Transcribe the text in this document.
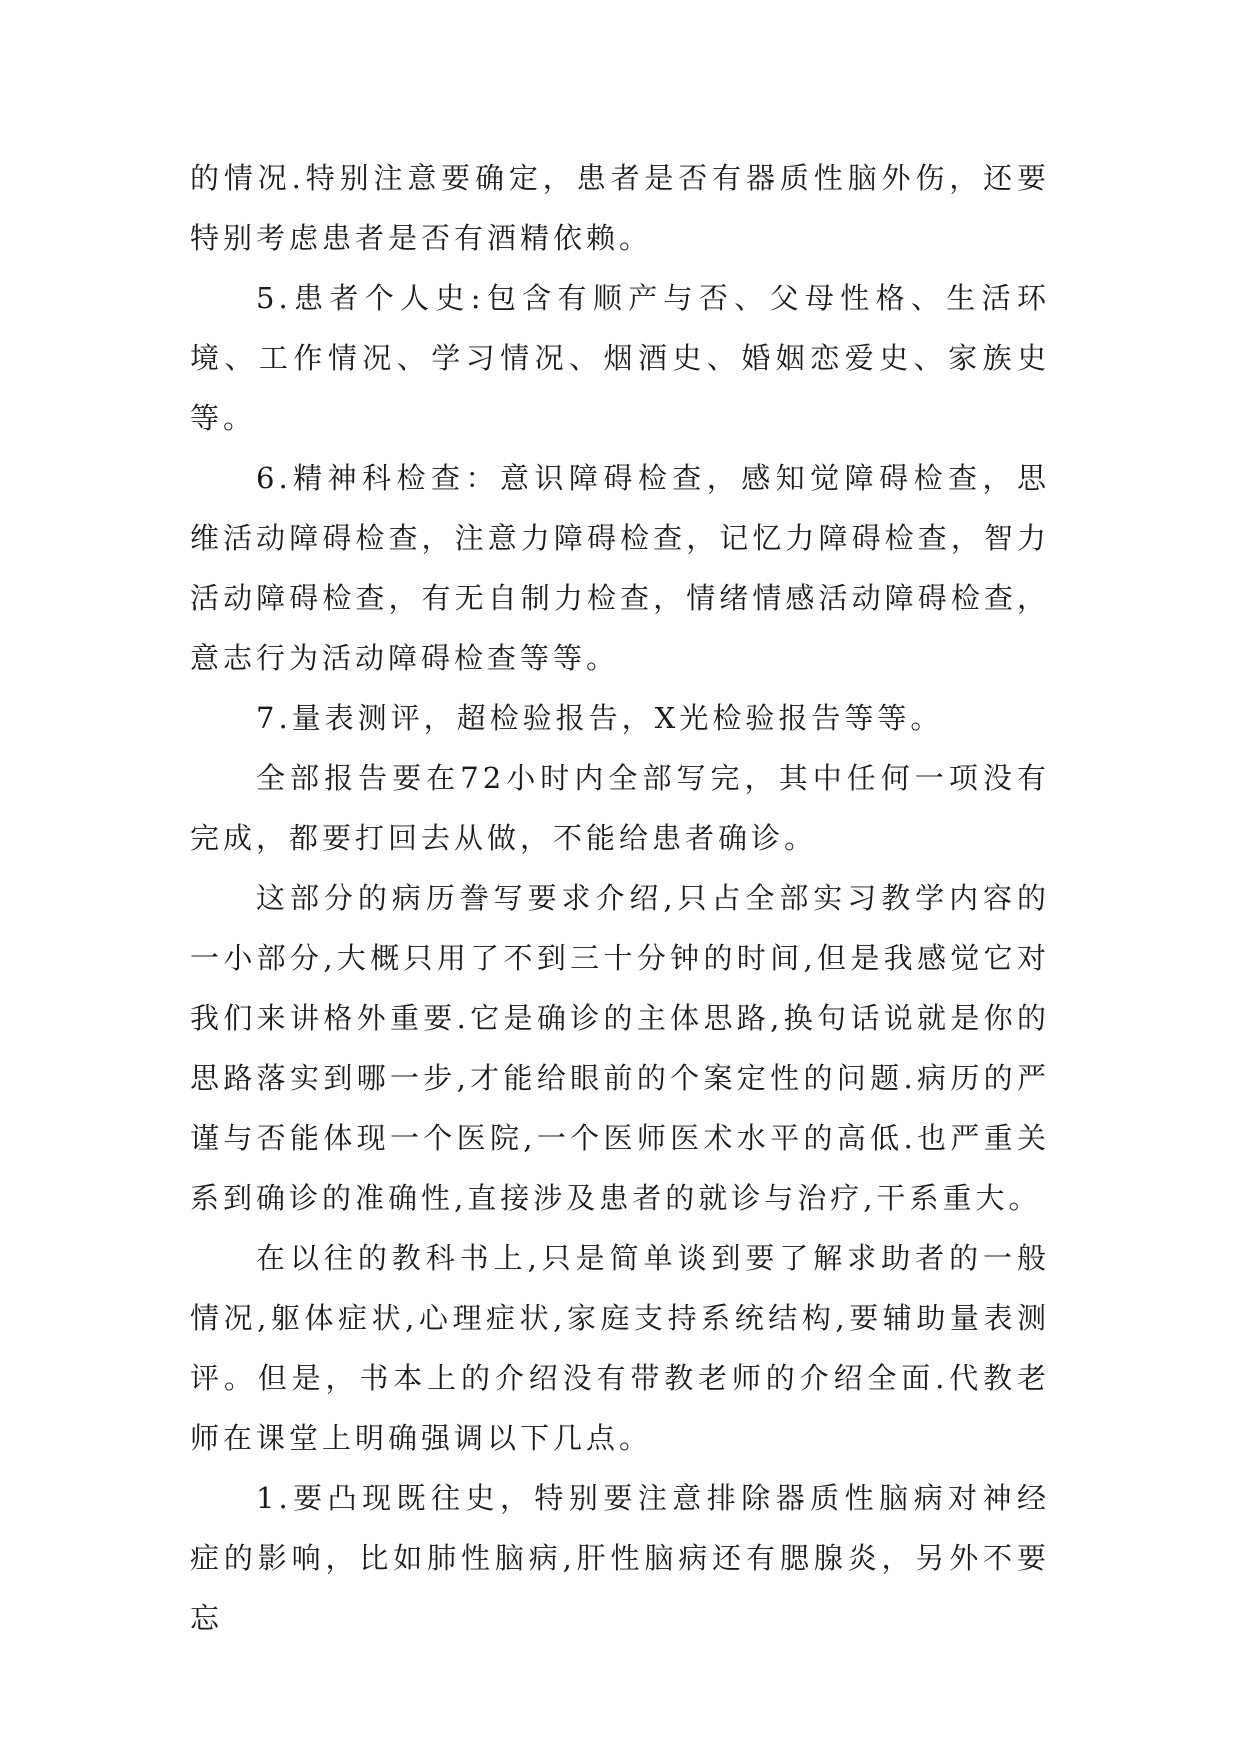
的情况.特别注意要确定，患者是否有器质性脑外伤，还要特别考虑患者是否有酒精依赖。

5.患者个人史:包含有顺产与否、父母性格、生活环境、工作情况、学习情况、烟酒史、婚姻恋爱史、家族史等。

6.精神科检查：意识障碍检查，感知觉障碍检查，思维活动障碍检查，注意力障碍检查，记忆力障碍检查，智力活动障碍检查，有无自制力检查，情绪情感活动障碍检查，意志行为活动障碍检查等等。

7.量表测评，超检验报告，X光检验报告等等。

全部报告要在72小时内全部写完，其中任何一项没有完成，都要打回去从做，不能给患者确诊。

这部分的病历誊写要求介绍,只占全部实习教学内容的一小部分,大概只用了不到三十分钟的时间,但是我感觉它对我们来讲格外重要.它是确诊的主体思路,换句话说就是你的思路落实到哪一步,才能给眼前的个案定性的问题.病历的严谨与否能体现一个医院,一个医师医术水平的高低.也严重关系到确诊的准确性,直接涉及患者的就诊与治疗,干系重大。

在以往的教科书上,只是简单谈到要了解求助者的一般情况,躯体症状,心理症状,家庭支持系统结构,要辅助量表测评。但是，书本上的介绍没有带教老师的介绍全面.代教老师在课堂上明确强调以下几点。

1.要凸现既往史，特别要注意排除器质性脑病对神经症的影响，比如肺性脑病,肝性脑病还有腮腺炎，另外不要忘
